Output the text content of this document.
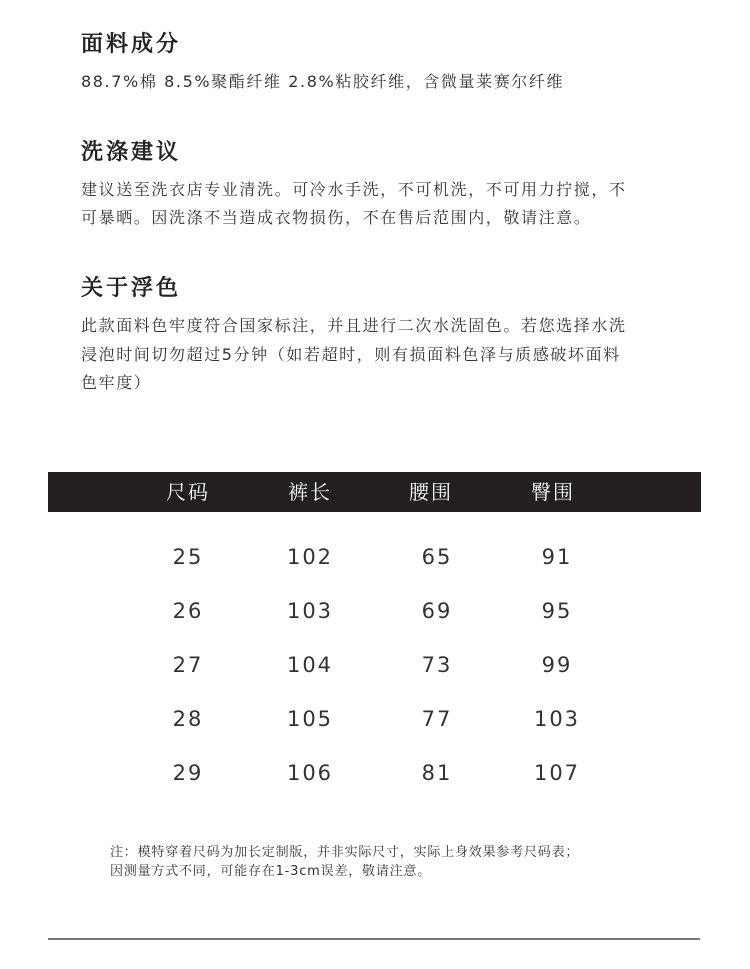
面料成分

88.7%棉 8.5%聚酯纤维 2.8%粘胶纤维，含微量莱赛尔纤维

洗涤建议

建议送至洗衣店专业清洗。可冷水手洗，不可机洗，不可用力拧搅，不
可暴晒。因洗涤不当造成衣物损伤，不在售后范围内，敬请注意。

关于浮色

此款面料色牢度符合国家标注，并且进行二次水洗固色。若您选择水洗
浸泡时间切勿超过5分钟（如若超时，则有损面料色泽与质感破坏面料
色牢度）

尺码	裤长	腰围	臀围
25	102	65	91
26	103	69	95
27	104	73	99
28	105	77	103
29	106	81	107
注：模特穿着尺码为加长定制版，并非实际尺寸，实际上身效果参考尺码表；
因测量方式不同，可能存在1-3cm误差，敬请注意。
